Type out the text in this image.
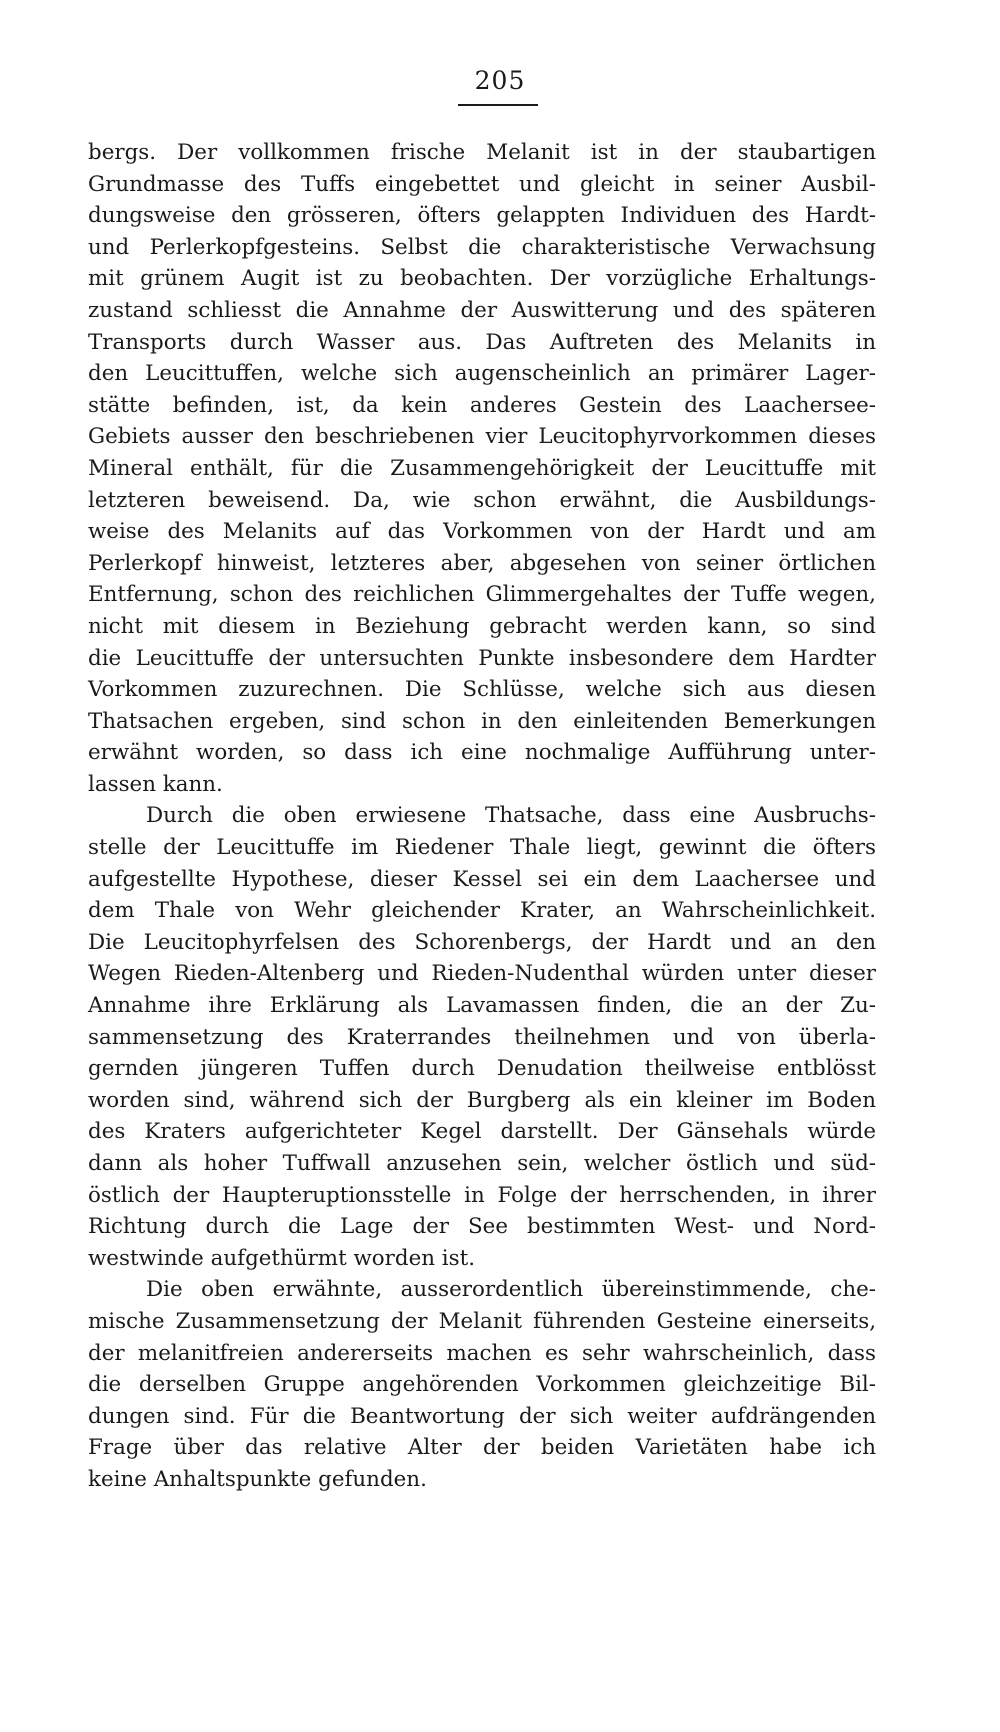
205
bergs. Der vollkommen frische Melanit ist in der staubartigen
Grundmasse des Tuffs eingebettet und gleicht in seiner Ausbil-
dungsweise den grösseren, öfters gelappten Individuen des Hardt-
und Perlerkopfgesteins. Selbst die charakteristische Verwachsung
mit grünem Augit ist zu beobachten. Der vorzügliche Erhaltungs-
zustand schliesst die Annahme der Auswitterung und des späteren
Transports durch Wasser aus. Das Auftreten des Melanits in
den Leucittuffen, welche sich augenscheinlich an primärer Lager-
stätte befinden, ist, da kein anderes Gestein des Laachersee-
Gebiets ausser den beschriebenen vier Leucitophyrvorkommen dieses
Mineral enthält, für die Zusammengehörigkeit der Leucittuffe mit
letzteren beweisend. Da, wie schon erwähnt, die Ausbildungs-
weise des Melanits auf das Vorkommen von der Hardt und am
Perlerkopf hinweist, letzteres aber, abgesehen von seiner örtlichen
Entfernung, schon des reichlichen Glimmergehaltes der Tuffe wegen,
nicht mit diesem in Beziehung gebracht werden kann, so sind
die Leucittuffe der untersuchten Punkte insbesondere dem Hardter
Vorkommen zuzurechnen. Die Schlüsse, welche sich aus diesen
Thatsachen ergeben, sind schon in den einleitenden Bemerkungen
erwähnt worden, so dass ich eine nochmalige Aufführung unter-
lassen kann.
Durch die oben erwiesene Thatsache, dass eine Ausbruchs-
stelle der Leucittuffe im Riedener Thale liegt, gewinnt die öfters
aufgestellte Hypothese, dieser Kessel sei ein dem Laachersee und
dem Thale von Wehr gleichender Krater, an Wahrscheinlichkeit.
Die Leucitophyrfelsen des Schorenbergs, der Hardt und an den
Wegen Rieden-Altenberg und Rieden-Nudenthal würden unter dieser
Annahme ihre Erklärung als Lavamassen finden, die an der Zu-
sammensetzung des Kraterrandes theilnehmen und von überla-
gernden jüngeren Tuffen durch Denudation theilweise entblösst
worden sind, während sich der Burgberg als ein kleiner im Boden
des Kraters aufgerichteter Kegel darstellt. Der Gänsehals würde
dann als hoher Tuffwall anzusehen sein, welcher östlich und süd-
östlich der Haupteruptionsstelle in Folge der herrschenden, in ihrer
Richtung durch die Lage der See bestimmten West- und Nord-
westwinde aufgethürmt worden ist.
Die oben erwähnte, ausserordentlich übereinstimmende, che-
mische Zusammensetzung der Melanit führenden Gesteine einerseits,
der melanitfreien andererseits machen es sehr wahrscheinlich, dass
die derselben Gruppe angehörenden Vorkommen gleichzeitige Bil-
dungen sind. Für die Beantwortung der sich weiter aufdrängenden
Frage über das relative Alter der beiden Varietäten habe ich
keine Anhaltspunkte gefunden.
